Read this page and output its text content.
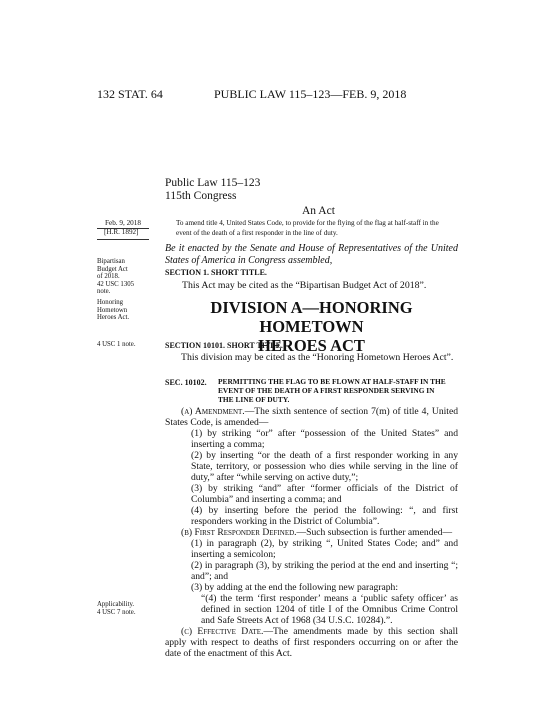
132 STAT. 64	PUBLIC LAW 115–123—FEB. 9, 2018
Public Law 115–123
115th Congress
An Act
Feb. 9, 2018
[H.R. 1892]
To amend title 4, United States Code, to provide for the flying of the flag at half-staff in the event of the death of a first responder in the line of duty.
Be it enacted by the Senate and House of Representatives of the United States of America in Congress assembled,
Bipartisan
Budget Act
of 2018.
42 USC 1305
note.
SECTION 1. SHORT TITLE.
This Act may be cited as the “Bipartisan Budget Act of 2018”.
Honoring
Hometown
Heroes Act.
DIVISION A—HONORING HOMETOWN
HEROES ACT
4 USC 1 note.	SECTION 10101. SHORT TITLE.
This division may be cited as the “Honoring Hometown Heroes Act”.
SEC. 10102. PERMITTING THE FLAG TO BE FLOWN AT HALF-STAFF IN THE EVENT OF THE DEATH OF A FIRST RESPONDER SERVING IN THE LINE OF DUTY.
(a) Amendment.—The sixth sentence of section 7(m) of title 4, United States Code, is amended—
(1) by striking “or” after “possession of the United States” and inserting a comma;
(2) by inserting “or the death of a first responder working in any State, territory, or possession who dies while serving in the line of duty,” after “while serving on active duty,”;
(3) by striking “and” after “former officials of the District of Columbia” and inserting a comma; and
(4) by inserting before the period the following: “, and first responders working in the District of Columbia”.
(b) First Responder Defined.—Such subsection is further amended—
(1) in paragraph (2), by striking “, United States Code; and” and inserting a semicolon;
(2) in paragraph (3), by striking the period at the end and inserting “; and”; and
(3) by adding at the end the following new paragraph:
“(4) the term ‘first responder’ means a ‘public safety officer’ as defined in section 1204 of title I of the Omnibus Crime Control and Safe Streets Act of 1968 (34 U.S.C. 10284).”.
(c) Effective Date.—The amendments made by this section shall apply with respect to deaths of first responders occurring on or after the date of the enactment of this Act.
Applicability.
4 USC 7 note.
